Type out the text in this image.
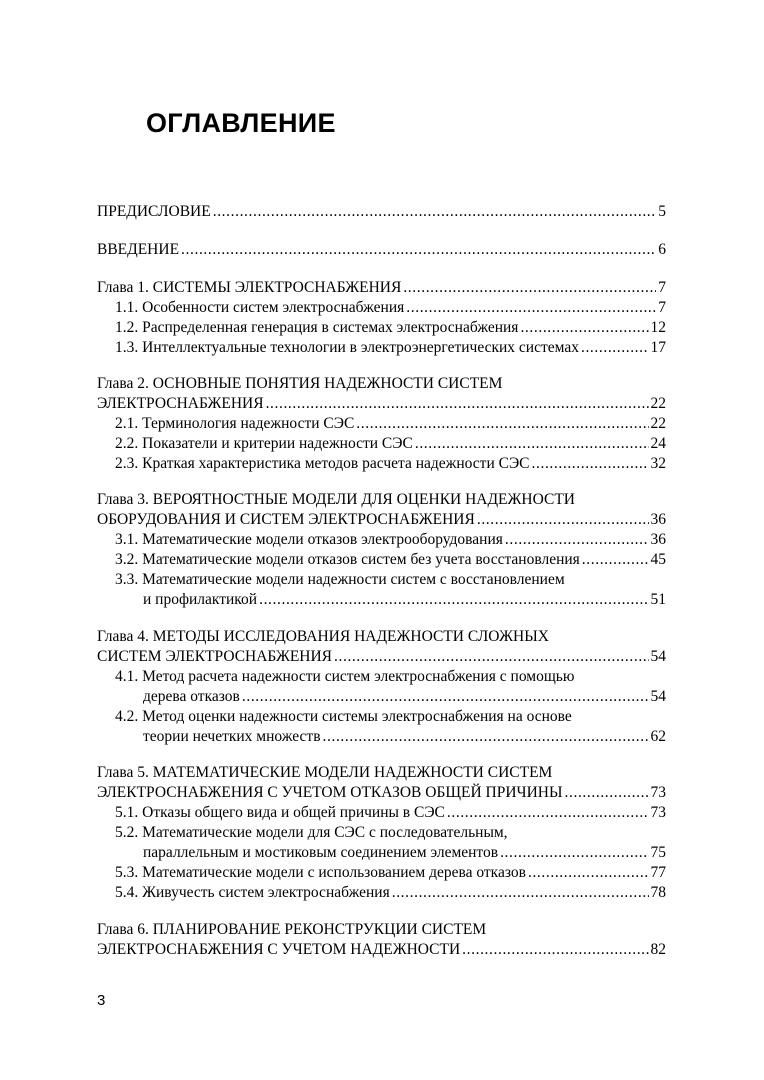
ОГЛАВЛЕНИЕ
ПРЕДИСЛОВИЕ .....	5
ВВЕДЕНИЕ .....	6
Глава 1. СИСТЕМЫ ЭЛЕКТРОСНАБЖЕНИЯ .....	7
1.1. Особенности систем электроснабжения .....	7
1.2. Распределенная генерация в системах электроснабжения .....	12
1.3. Интеллектуальные технологии в электроэнергетических системах .....	17
Глава 2. ОСНОВНЫЕ ПОНЯТИЯ НАДЕЖНОСТИ СИСТЕМ
ЭЛЕКТРОСНАБЖЕНИЯ .....	22
2.1. Терминология надежности СЭС .....	22
2.2. Показатели и критерии надежности СЭС .....	24
2.3. Краткая характеристика методов расчета надежности СЭС .....	32
Глава 3. ВЕРОЯТНОСТНЫЕ МОДЕЛИ ДЛЯ ОЦЕНКИ НАДЕЖНОСТИ
ОБОРУДОВАНИЯ И СИСТЕМ ЭЛЕКТРОСНАБЖЕНИЯ .....	36
3.1. Математические модели отказов электрооборудования .....	36
3.2. Математические модели отказов систем без учета восстановления .....	45
3.3. Математические модели надежности систем с восстановлением
и профилактикой .....	51
Глава 4. МЕТОДЫ ИССЛЕДОВАНИЯ НАДЕЖНОСТИ СЛОЖНЫХ
СИСТЕМ ЭЛЕКТРОСНАБЖЕНИЯ .....	54
4.1. Метод расчета надежности систем электроснабжения с помощью
дерева отказов .....	54
4.2. Метод оценки надежности системы электроснабжения на основе
теории нечетких множеств .....	62
Глава 5. МАТЕМАТИЧЕСКИЕ МОДЕЛИ НАДЕЖНОСТИ СИСТЕМ
ЭЛЕКТРОСНАБЖЕНИЯ С УЧЕТОМ ОТКАЗОВ ОБЩЕЙ ПРИЧИНЫ .....	73
5.1. Отказы общего вида и общей причины в СЭС .....	73
5.2. Математические модели для СЭС с последовательным,
параллельным и мостиковым соединением элементов .....	75
5.3. Математические модели с использованием дерева отказов .....	77
5.4. Живучесть систем электроснабжения .....	78
Глава 6. ПЛАНИРОВАНИЕ РЕКОНСТРУКЦИИ СИСТЕМ
ЭЛЕКТРОСНАБЖЕНИЯ С УЧЕТОМ НАДЕЖНОСТИ .....	82
3
